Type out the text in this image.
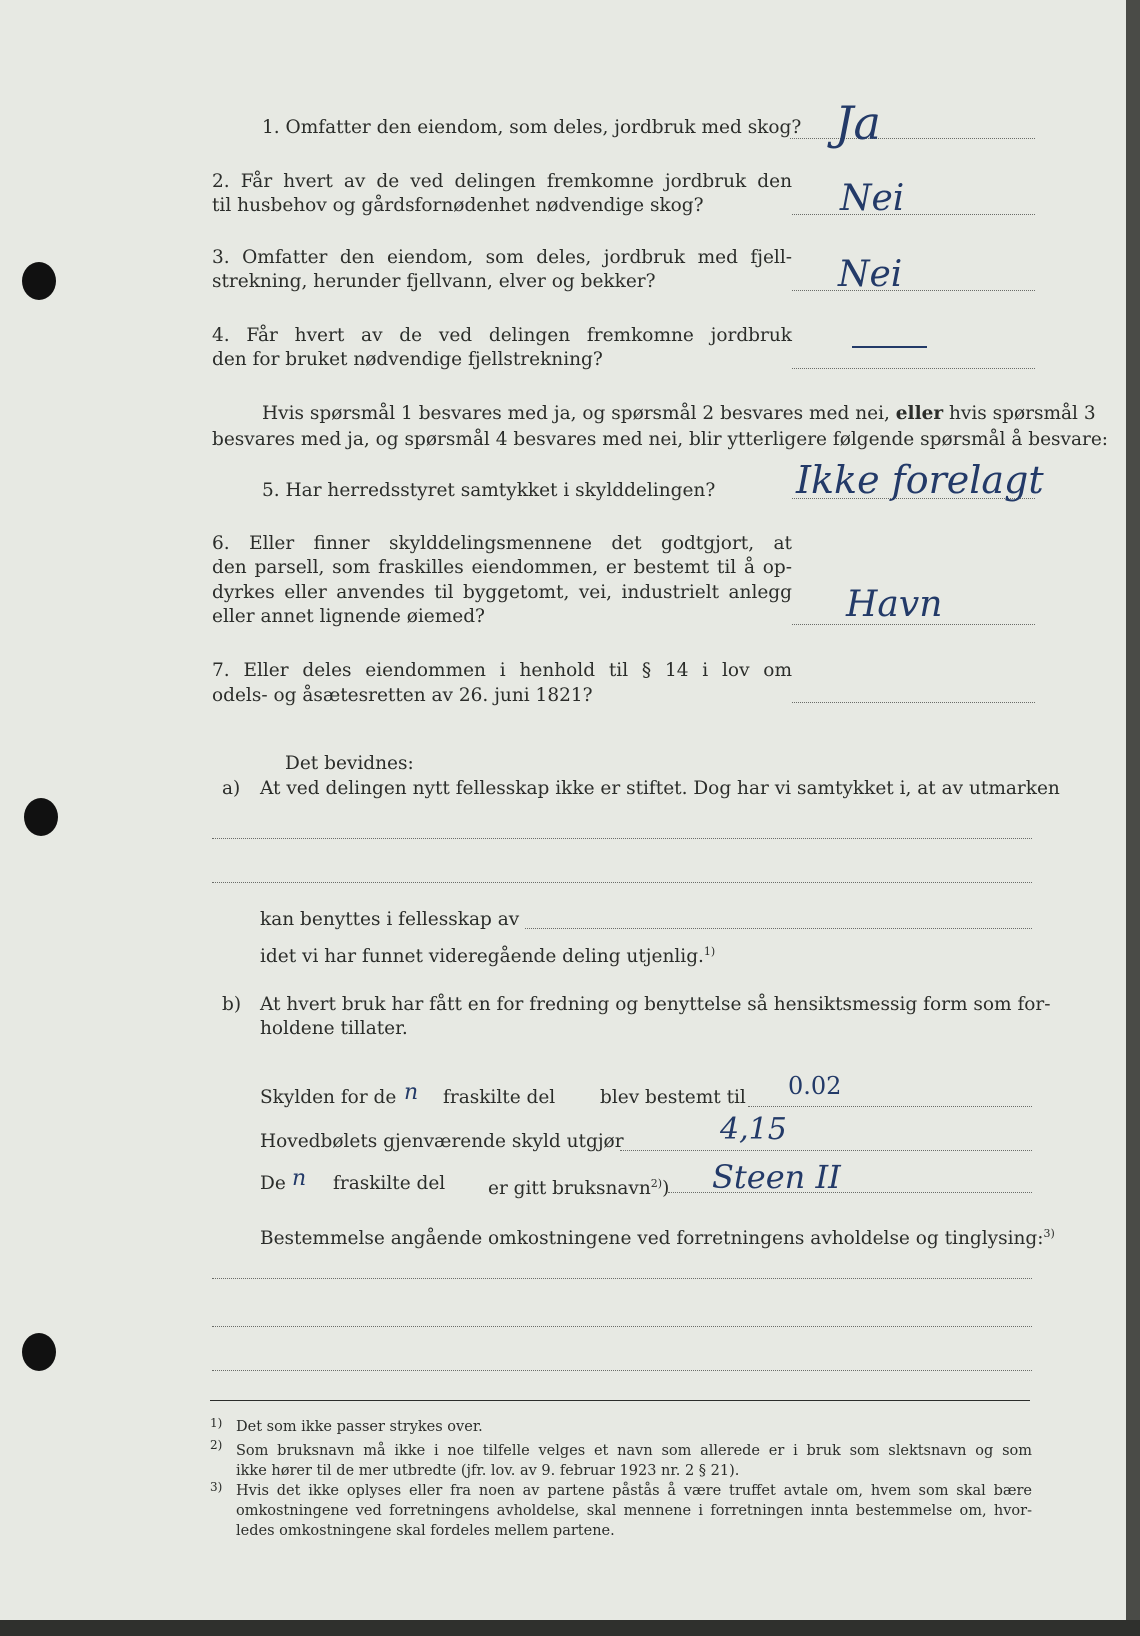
1. Omfatter den eiendom, som deles, jordbruk med skog? Ja
2. Får hvert av de ved delingen fremkomne jordbruk den
til husbehov og gårdsfornødenhet nødvendige skog?	Nei
3. Omfatter den eiendom, som deles, jordbruk med fjell-
strekning, herunder fjellvann, elver og bekker?	Nei
4. Får hvert av de ved delingen fremkomne jordbruk
den for bruket nødvendige fjellstrekning?
Hvis spørsmål 1 besvares med ja, og spørsmål 2 besvares med nei, eller hvis spørsmål 3
besvares med ja, og spørsmål 4 besvares med nei, blir ytterligere følgende spørsmål å besvare:
5. Har herredsstyret samtykket i skylddelingen? Ikke forelagt
6. Eller finner skylddelingsmennene det godtgjort, at
den parsell, som fraskilles eiendommen, er bestemt til å op-
dyrkes eller anvendes til byggetomt, vei, industrielt anlegg
eller annet lignende øiemed?	Havn
7. Eller deles eiendommen i henhold til § 14 i lov om
odels- og åsætesretten av 26. juni 1821?
Det bevidnes:
a) At ved delingen nytt fellesskap ikke er stiftet. Dog har vi samtykket i, at av utmarken
kan benyttes i fellesskap av
idet vi har funnet videregående deling utjenlig.$^{1)}$
b) At hvert bruk har fått en for fredning og benyttelse så hensiktsmessig form som for-
holdene tillater.
Skylden for de n fraskilte del blev bestemt til 0.02
Hovedbølets gjenværende skyld utgjør	4,15
De n fraskilte del er gitt bruksnavn$^{2)}$) Steen II
Bestemmelse angående omkostningene ved forretningens avholdelse og tinglysing:$^{3)}$
1) Det som ikke passer strykes over.
2) Som bruksnavn må ikke i noe tilfelle velges et navn som allerede er i bruk som slektsnavn og som
ikke hører til de mer utbredte (jfr. lov. av 9. februar 1923 nr. 2 § 21).
3) Hvis det ikke oplyses eller fra noen av partene påstås å være truffet avtale om, hvem som skal bære
omkostningene ved forretningens avholdelse, skal mennene i forretningen innta bestemmelse om, hvor-
ledes omkostningene skal fordeles mellem partene.
